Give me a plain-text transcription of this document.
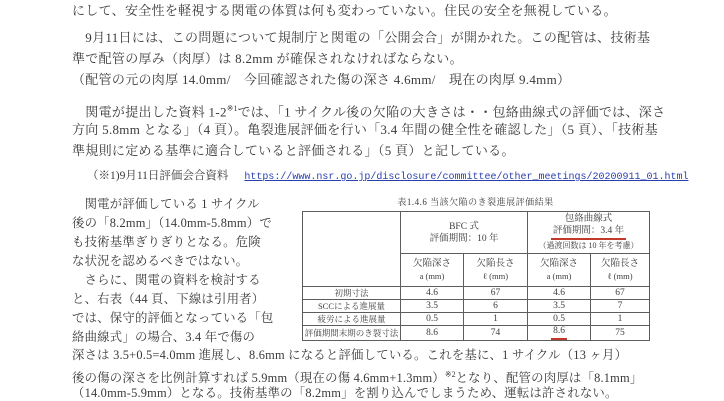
にして、安全性を軽視する関電の体質は何も変わっていない。住民の安全を無視している。
　9月11日には、この問題について規制庁と関電の「公開会合」が開かれた。この配管は、技術基
準で配管の厚み（肉厚）は 8.2mm が確保されなければならない。
（配管の元の肉厚 14.0mm/　今回確認された傷の深さ 4.6mm/　現在の肉厚 9.4mm）
　関電が提出した資料 1-2$^{※1}$では、「1 サイクル後の欠陥の大きさは・・包絡曲線式の評価では、深さ
方向 5.8mm となる」（4 頁）。亀裂進展評価を行い「3.4 年間の健全性を確認した」（5 頁）、「技術基
準規則に定める基準に適合していると評価される」（5 頁）と記している。
（※1)9月11日評価会合資料 https://www.nsr.go.jp/disclosure/committee/other_meetings/20200911_01.html
　関電が評価している 1 サイクル
後の「8.2mm」（14.0mm-5.8mm）で
も技術基準ぎりぎりとなる。危険
な状況を認めるべきではない。
　さらに、関電の資料を検討する
と、右表（44 頁、下線は引用者）
では、保守的評価となっている「包
絡曲線式」の場合、3.4 年で傷の
表1.4.6 当該欠陥のき裂進展評価結果

BFC 式
評価期間：10 年

包絡曲線式
評価期間：3.4 年
（過渡回数は 10 年を考慮）

欠陥深さ
a (mm)

欠陥長さ
ℓ (mm)

欠陥深さ
a (mm)

欠陥長さ
ℓ (mm)

初期寸法	4.6	67	4.6	67
SCCによる進展量	3.5	6	3.5	7
疲労による進展量	0.5	1	0.5	1
評価期間末期のき裂寸法	8.6	74	8.6	75
深さは 3.5+0.5=4.0mm 進展し、8.6mm になると評価している。これを基に、1 サイクル（13 ヶ月）
後の傷の深さを比例計算すれば 5.9mm（現在の傷 4.6mm+1.3mm）$^{※2}$となり、配管の肉厚は「8.1mm」
（14.0mm-5.9mm）となる。技術基準の「8.2mm」を割り込んでしまうため、運転は許されない。
